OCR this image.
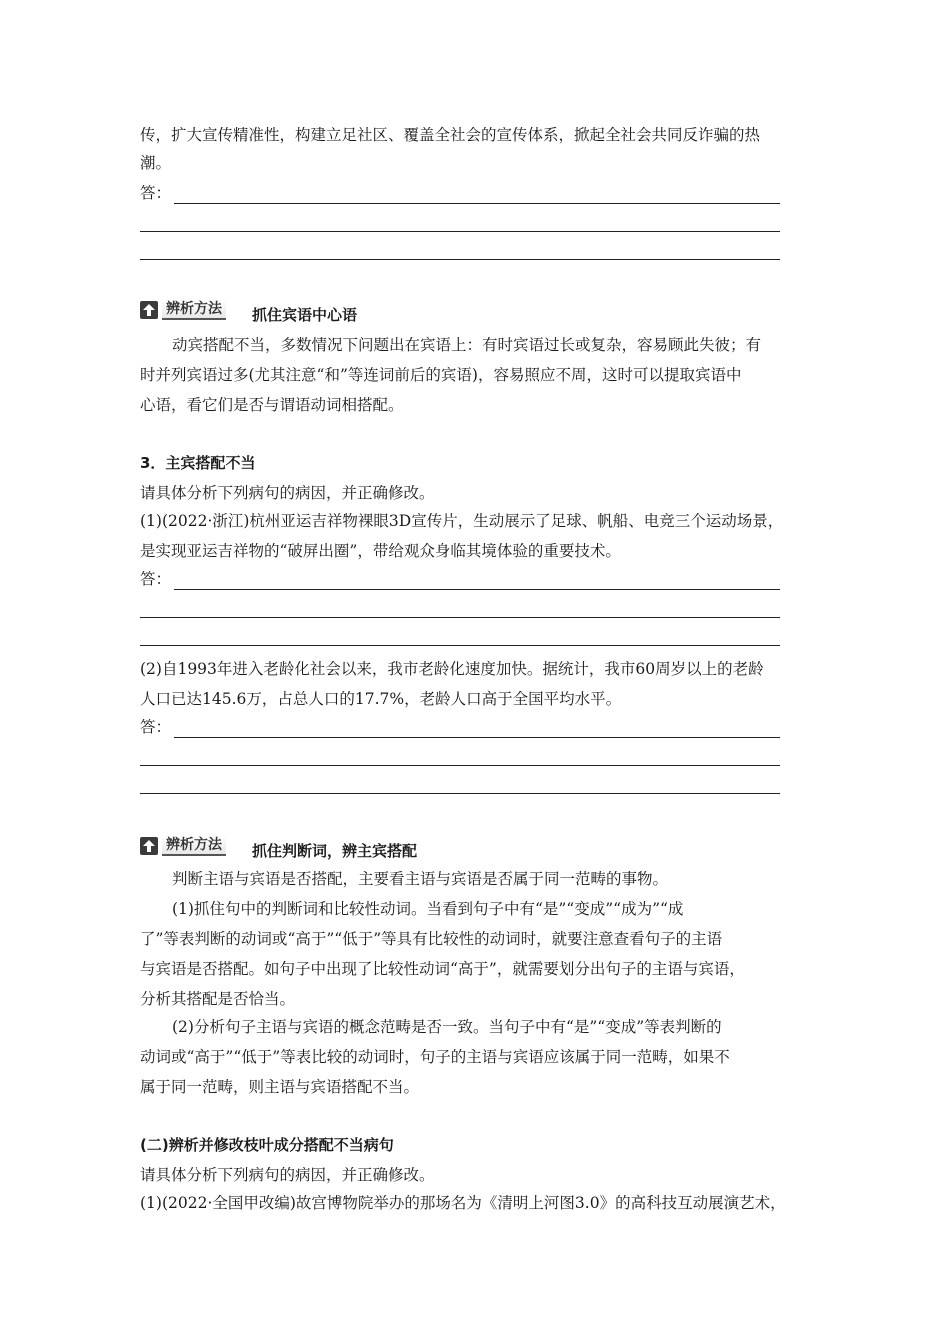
传，扩大宣传精准性，构建立足社区、覆盖全社会的宣传体系，掀起全社会共同反诈骗的热
潮。
答：
辨析方法 抓住宾语中心语
动宾搭配不当，多数情况下问题出在宾语上：有时宾语过长或复杂，容易顾此失彼；有
时并列宾语过多(尤其注意“和”等连词前后的宾语)，容易照应不周，这时可以提取宾语中
心语，看它们是否与谓语动词相搭配。
3．主宾搭配不当
请具体分析下列病句的病因，并正确修改。
(1)(2022·浙江)杭州亚运吉祥物裸眼3D宣传片，生动展示了足球、帆船、电竞三个运动场景，
是实现亚运吉祥物的“破屏出圈”，带给观众身临其境体验的重要技术。
答：
(2)自1993年进入老龄化社会以来，我市老龄化速度加快。据统计，我市60周岁以上的老龄
人口已达145.6万，占总人口的17.7%，老龄人口高于全国平均水平。
答：
辨析方法 抓住判断词，辨主宾搭配
判断主语与宾语是否搭配，主要看主语与宾语是否属于同一范畴的事物。
(1)抓住句中的判断词和比较性动词。当看到句子中有“是”“变成”“成为”“成
了”等表判断的动词或“高于”“低于”等具有比较性的动词时，就要注意查看句子的主语
与宾语是否搭配。如句子中出现了比较性动词“高于”，就需要划分出句子的主语与宾语，
分析其搭配是否恰当。
(2)分析句子主语与宾语的概念范畴是否一致。当句子中有“是”“变成”等表判断的
动词或“高于”“低于”等表比较的动词时，句子的主语与宾语应该属于同一范畴，如果不
属于同一范畴，则主语与宾语搭配不当。
(二)辨析并修改枝叶成分搭配不当病句
请具体分析下列病句的病因，并正确修改。
(1)(2022·全国甲改编)故宫博物院举办的那场名为《清明上河图3.0》的高科技互动展演艺术，
